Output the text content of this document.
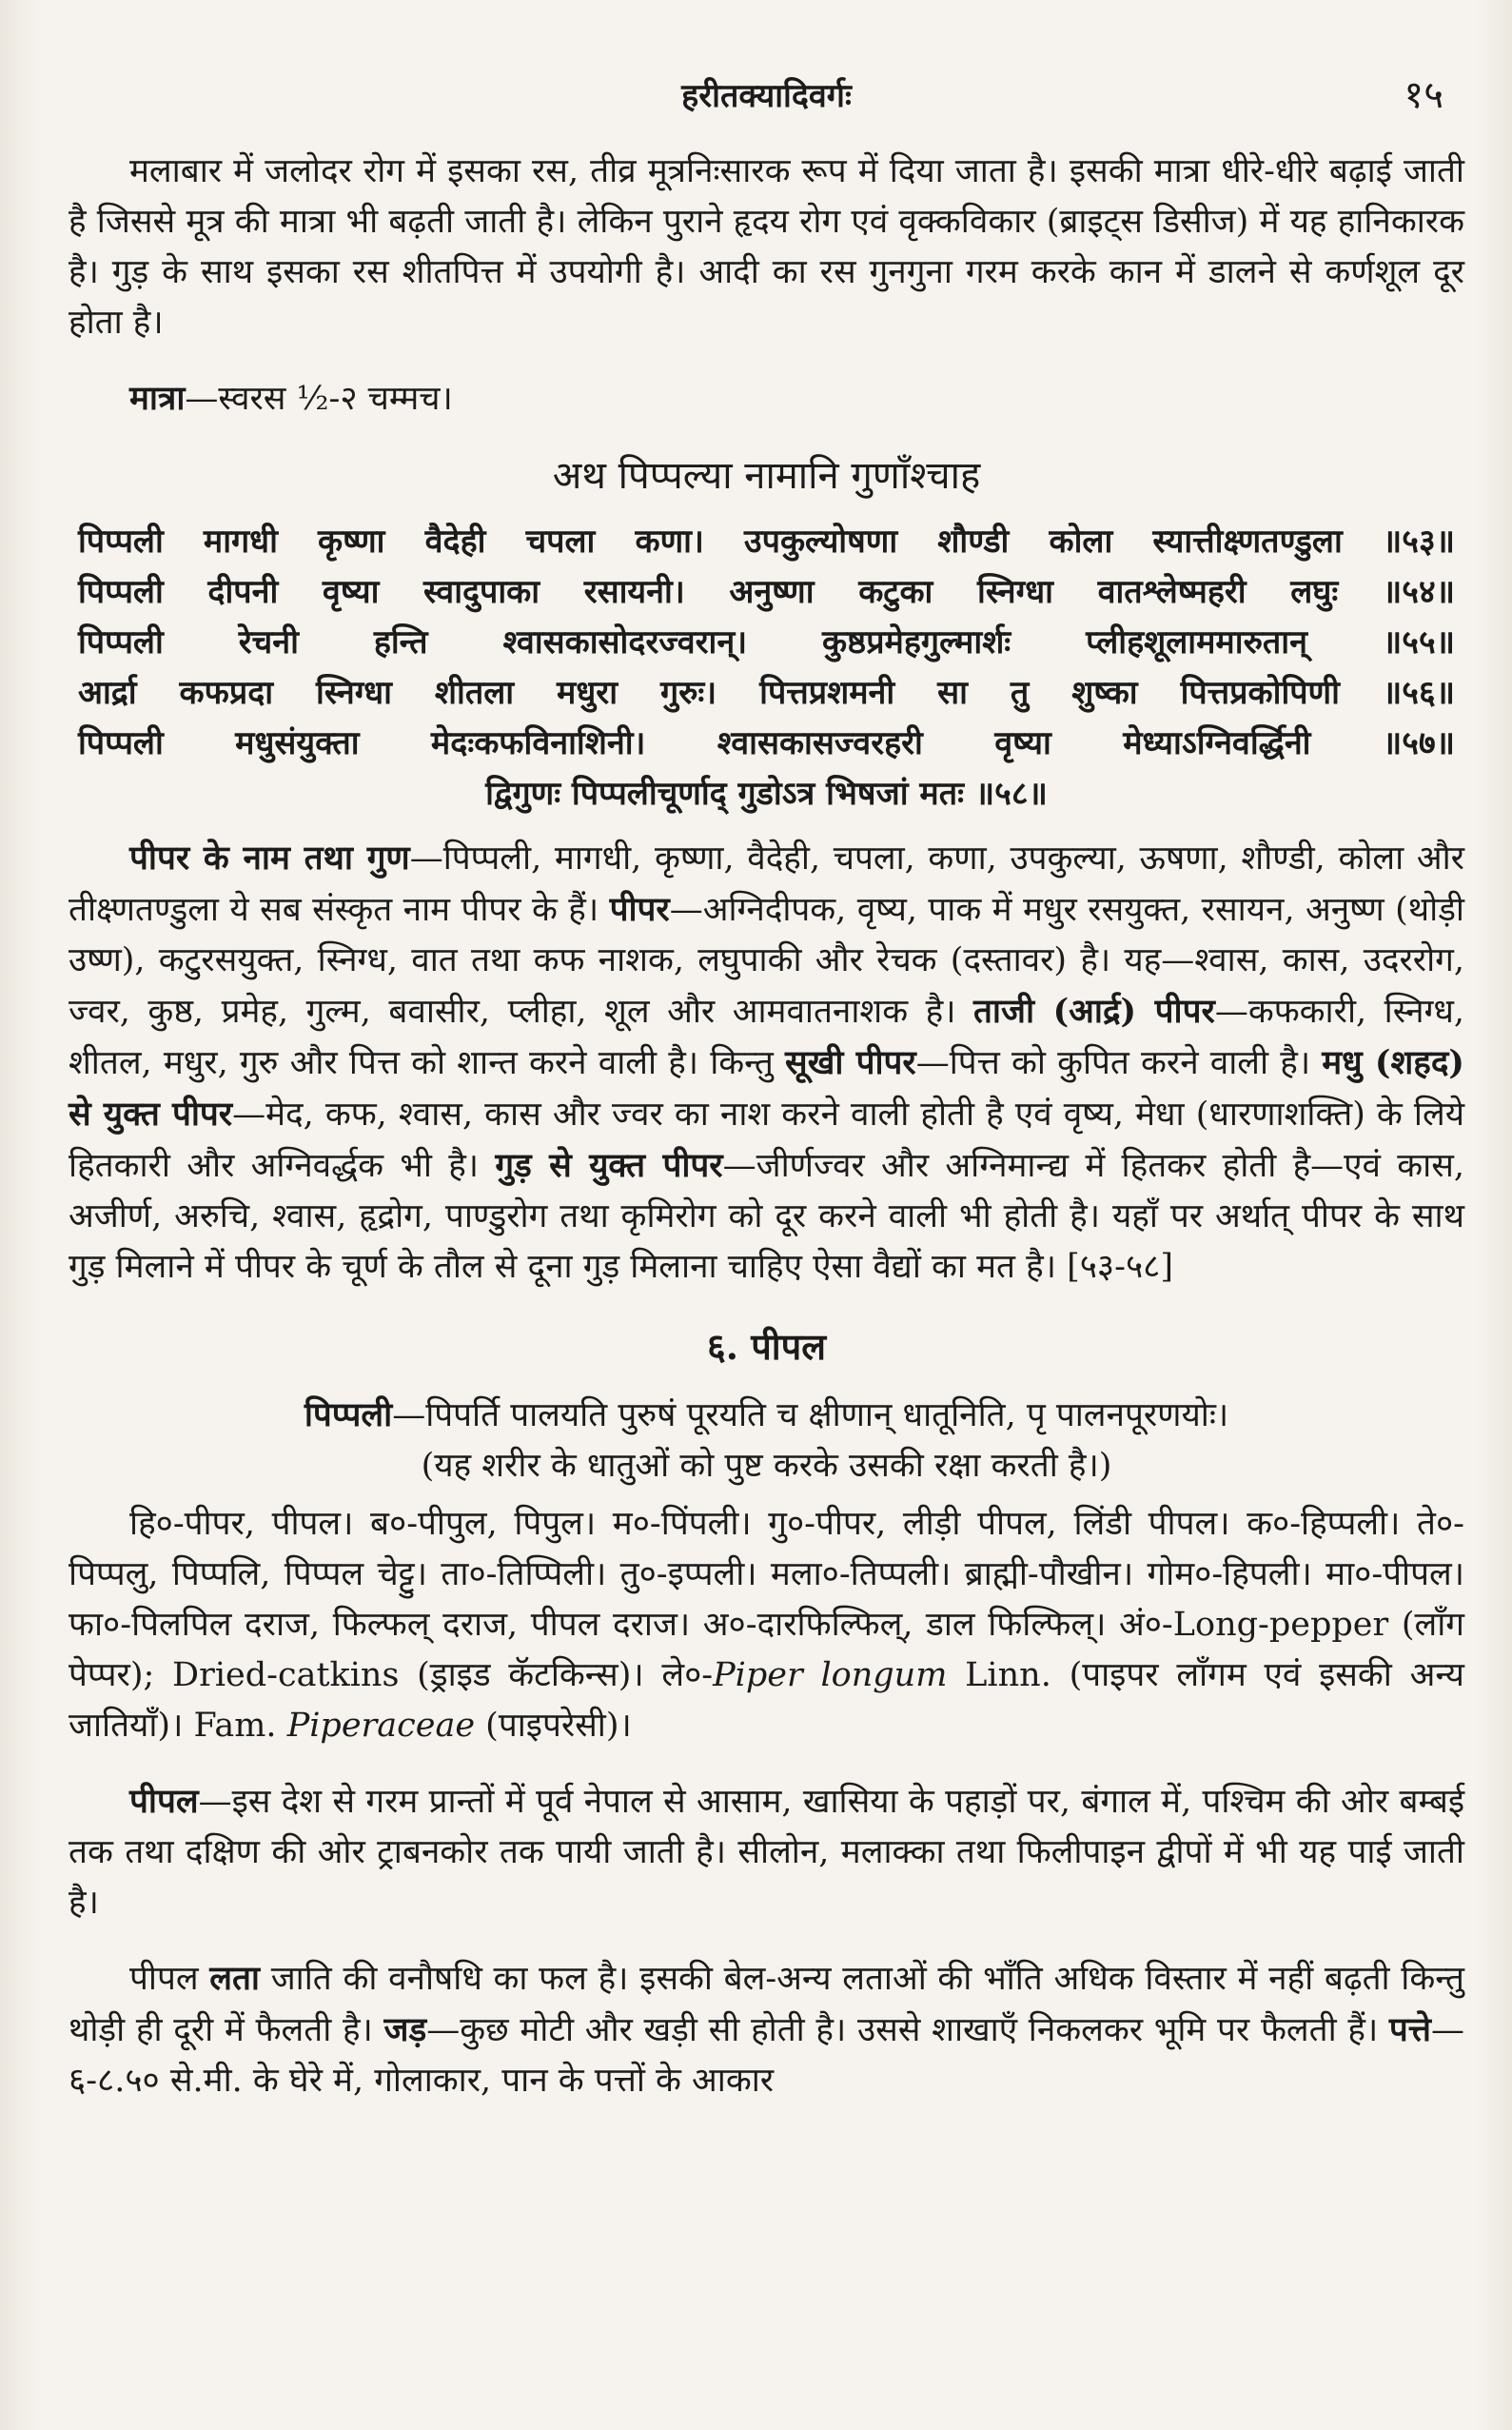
हरीतक्यादिवर्गः	१५

मलाबार में जलोदर रोग में इसका रस, तीव्र मूत्रनिःसारक रूप में दिया जाता है। इसकी मात्रा धीरे-धीरे बढ़ाई जाती है जिससे मूत्र की मात्रा भी बढ़ती जाती है। लेकिन पुराने हृदय रोग एवं वृक्कविकार (ब्राइट्स डिसीज) में यह हानिकारक है। गुड़ के साथ इसका रस शीतपित्त में उपयोगी है। आदी का रस गुनगुना गरम करके कान में डालने से कर्णशूल दूर होता है।

मात्रा—स्वरस ½-२ चम्मच।

अथ पिप्पल्या नामानि गुणाँश्चाह
पिप्पली मागधी कृष्णा वैदेही चपला कणा। उपकुल्योषणा शौण्डी कोला स्यात्तीक्ष्णतण्डुला ॥५३॥
पिप्पली दीपनी वृष्या स्वादुपाका रसायनी। अनुष्णा कटुका स्निग्धा वातश्लेष्महरी लघुः ॥५४॥
पिप्पली रेचनी हन्ति श्वासकासोदरज्वरान्। कुष्ठप्रमेहगुल्मार्शः प्लीहशूलाममारुतान् ॥५५॥
आर्द्रा कफप्रदा स्निग्धा शीतला मधुरा गुरुः। पित्तप्रशमनी सा तु शुष्का पित्तप्रकोपिणी ॥५६॥
पिप्पली मधुसंयुक्ता मेदःकफविनाशिनी। श्वासकासज्वरहरी वृष्या मेध्याऽग्निवर्द्धिनी ॥५७॥
द्विगुणः पिप्पलीचूर्णाद् गुडोऽत्र भिषजां मतः ॥५८॥

पीपर के नाम तथा गुण—पिप्पली, मागधी, कृष्णा, वैदेही, चपला, कणा, उपकुल्या, ऊषणा, शौण्डी, कोला और तीक्ष्णतण्डुला ये सब संस्कृत नाम पीपर के हैं। पीपर—अग्निदीपक, वृष्य, पाक में मधुर रसयुक्त, रसायन, अनुष्ण (थोड़ी उष्ण), कटुरसयुक्त, स्निग्ध, वात तथा कफ नाशक, लघुपाकी और रेचक (दस्तावर) है। यह—श्वास, कास, उदररोग, ज्वर, कुष्ठ, प्रमेह, गुल्म, बवासीर, प्लीहा, शूल और आमवातनाशक है। ताजी (आर्द्र) पीपर—कफकारी, स्निग्ध, शीतल, मधुर, गुरु और पित्त को शान्त करने वाली है। किन्तु सूखी पीपर—पित्त को कुपित करने वाली है। मधु (शहद) से युक्त पीपर—मेद, कफ, श्वास, कास और ज्वर का नाश करने वाली होती है एवं वृष्य, मेधा (धारणाशक्ति) के लिये हितकारी और अग्निवर्द्धक भी है। गुड़ से युक्त पीपर—जीर्णज्वर और अग्निमान्द्य में हितकर होती है—एवं कास, अजीर्ण, अरुचि, श्वास, हृद्रोग, पाण्डुरोग तथा कृमिरोग को दूर करने वाली भी होती है। यहाँ पर अर्थात् पीपर के साथ गुड़ मिलाने में पीपर के चूर्ण के तौल से दूना गुड़ मिलाना चाहिए ऐसा वैद्यों का मत है। [५३-५८]

६. पीपल

पिप्पली—पिपर्ति पालयति पुरुषं पूरयति च क्षीणान् धातूनिति, पृ पालनपूरणयोः।

(यह शरीर के धातुओं को पुष्ट करके उसकी रक्षा करती है।)

हि०-पीपर, पीपल। ब०-पीपुल, पिपुल। म०-पिंपली। गु०-पीपर, लीड़ी पीपल, लिंडी पीपल। क०-हिप्पली। ते०-पिप्पलु, पिप्पलि, पिप्पल चेट्टु। ता०-तिप्पिली। तु०-इप्पली। मला०-तिप्पली। ब्राह्मी-पौखीन। गोम०-हिपली। मा०-पीपल। फा०-पिलपिल दराज, फिल्फल् दराज, पीपल दराज। अ०-दारफिल्फिल्, डाल फिल्फिल्। अं०-Long-pepper (लॉंग पेप्पर); Dried-catkins (ड्राइड कॅटकिन्स)। ले०-Piper longum Linn. (पाइपर लाँगम एवं इसकी अन्य जातियाँ)। Fam. Piperaceae (पाइपरेसी)।

पीपल—इस देश से गरम प्रान्तों में पूर्व नेपाल से आसाम, खासिया के पहाड़ों पर, बंगाल में, पश्चिम की ओर बम्बई तक तथा दक्षिण की ओर ट्राबनकोर तक पायी जाती है। सीलोन, मलाक्का तथा फिलीपाइन द्वीपों में भी यह पाई जाती है।

पीपल लता जाति की वनौषधि का फल है। इसकी बेल-अन्य लताओं की भाँति अधिक विस्तार में नहीं बढ़ती किन्तु थोड़ी ही दूरी में फैलती है। जड़—कुछ मोटी और खड़ी सी होती है। उससे शाखाएँ निकलकर भूमि पर फैलती हैं। पत्ते—६-८.५० से.मी. के घेरे में, गोलाकार, पान के पत्तों के आकार
